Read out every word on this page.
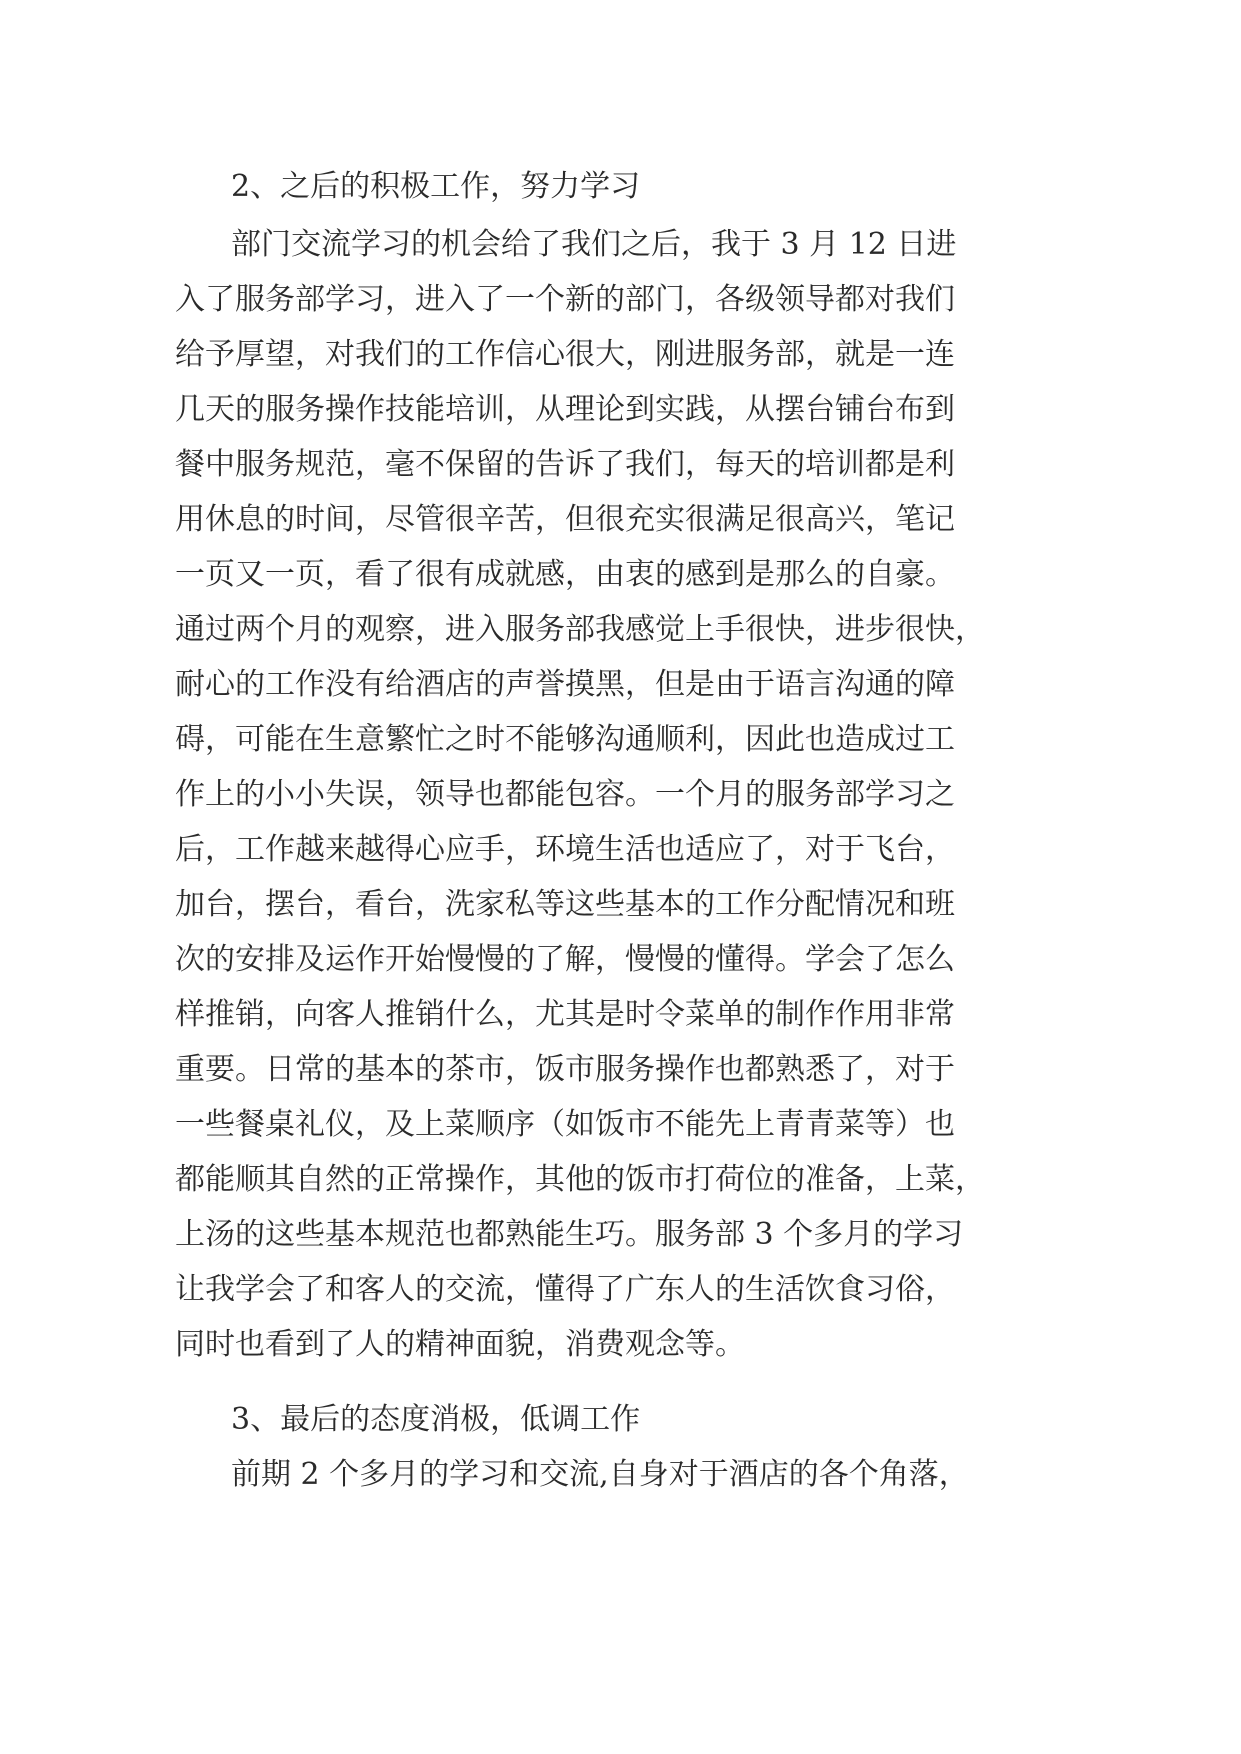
2、之后的积极工作，努力学习
部门交流学习的机会给了我们之后，我于 3 月 12 日进
入了服务部学习，进入了一个新的部门，各级领导都对我们
给予厚望，对我们的工作信心很大，刚进服务部，就是一连
几天的服务操作技能培训，从理论到实践，从摆台铺台布到
餐中服务规范，毫不保留的告诉了我们，每天的培训都是利
用休息的时间，尽管很辛苦，但很充实很满足很高兴，笔记
一页又一页，看了很有成就感，由衷的感到是那么的自豪。
通过两个月的观察，进入服务部我感觉上手很快，进步很快，
耐心的工作没有给酒店的声誉摸黑，但是由于语言沟通的障
碍，可能在生意繁忙之时不能够沟通顺利，因此也造成过工
作上的小小失误，领导也都能包容。一个月的服务部学习之
后，工作越来越得心应手，环境生活也适应了，对于飞台，
加台，摆台，看台，洗家私等这些基本的工作分配情况和班
次的安排及运作开始慢慢的了解，慢慢的懂得。学会了怎么
样推销，向客人推销什么，尤其是时令菜单的制作作用非常
重要。日常的基本的茶市，饭市服务操作也都熟悉了，对于
一些餐桌礼仪，及上菜顺序（如饭市不能先上青青菜等）也
都能顺其自然的正常操作，其他的饭市打荷位的准备，上菜，
上汤的这些基本规范也都熟能生巧。服务部 3 个多月的学习
让我学会了和客人的交流，懂得了广东人的生活饮食习俗，
同时也看到了人的精神面貌，消费观念等。
3、最后的态度消极，低调工作
前期 2 个多月的学习和交流,自身对于酒店的各个角落，
